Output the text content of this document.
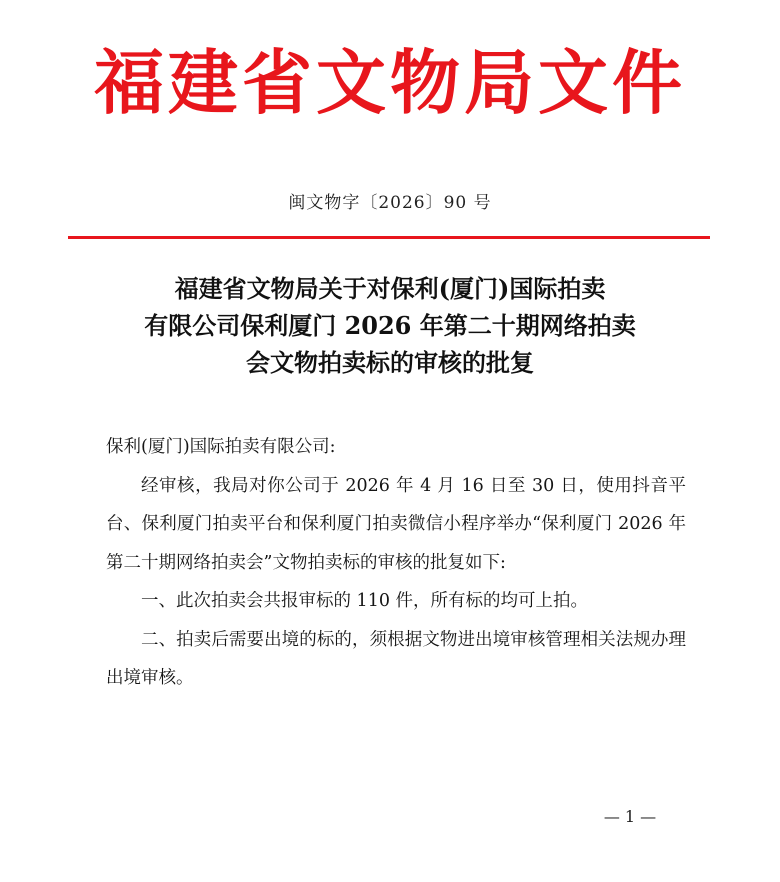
福建省文物局文件
闽文物字〔2026〕90 号
福建省文物局关于对保利(厦门)国际拍卖
有限公司保利厦门 2026 年第二十期网络拍卖
会文物拍卖标的审核的批复

保利(厦门)国际拍卖有限公司:

经审核，我局对你公司于 2026 年 4 月 16 日至 30 日，使用抖音平台、保利厦门拍卖平台和保利厦门拍卖微信小程序举办“保利厦门 2026 年第二十期网络拍卖会”文物拍卖标的审核的批复如下:

一、此次拍卖会共报审标的 110 件，所有标的均可上拍。

二、拍卖后需要出境的标的，须根据文物进出境审核管理相关法规办理出境审核。

— 1 —
